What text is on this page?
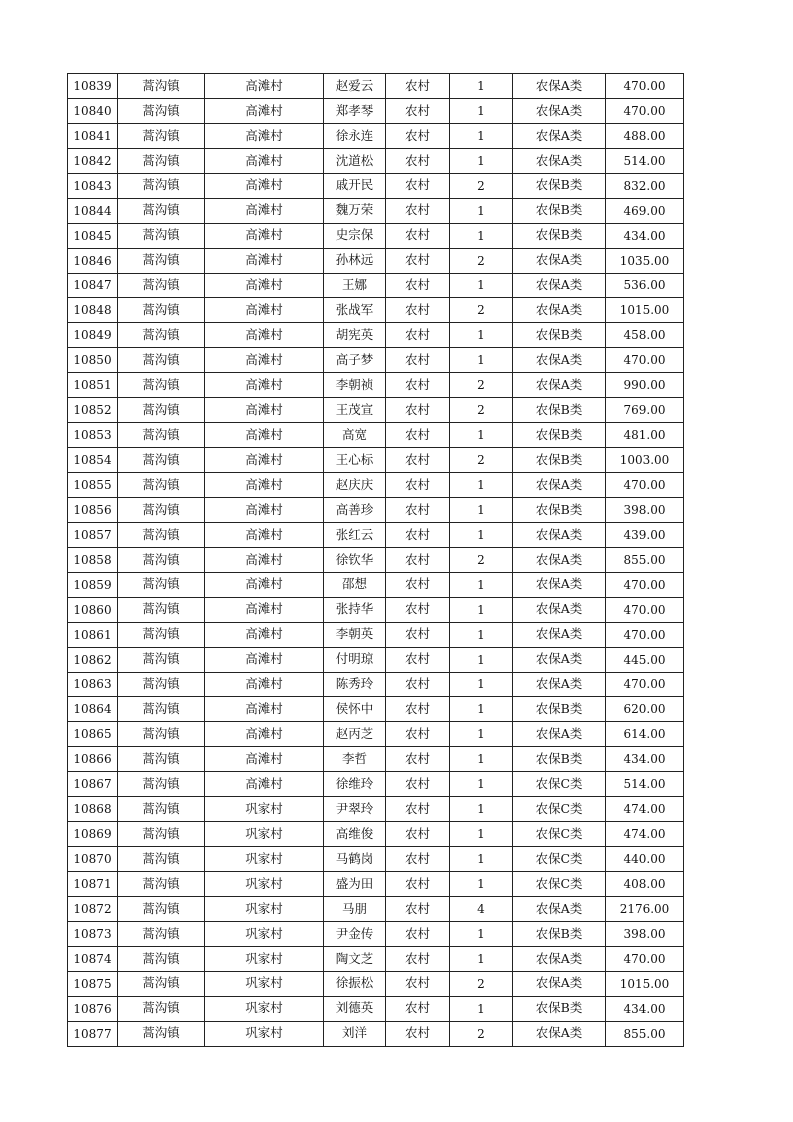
10839	蒿沟镇	高滩村	赵爱云	农村	1	农保A类	470.00
10840	蒿沟镇	高滩村	郑孝琴	农村	1	农保A类	470.00
10841	蒿沟镇	高滩村	徐永连	农村	1	农保A类	488.00
10842	蒿沟镇	高滩村	沈道松	农村	1	农保A类	514.00
10843	蒿沟镇	高滩村	戚开民	农村	2	农保B类	832.00
10844	蒿沟镇	高滩村	魏万荣	农村	1	农保B类	469.00
10845	蒿沟镇	高滩村	史宗保	农村	1	农保B类	434.00
10846	蒿沟镇	高滩村	孙林远	农村	2	农保A类	1035.00
10847	蒿沟镇	高滩村	王娜	农村	1	农保A类	536.00
10848	蒿沟镇	高滩村	张战军	农村	2	农保A类	1015.00
10849	蒿沟镇	高滩村	胡宪英	农村	1	农保B类	458.00
10850	蒿沟镇	高滩村	高子梦	农村	1	农保A类	470.00
10851	蒿沟镇	高滩村	李朝祯	农村	2	农保A类	990.00
10852	蒿沟镇	高滩村	王茂宣	农村	2	农保B类	769.00
10853	蒿沟镇	高滩村	高宽	农村	1	农保B类	481.00
10854	蒿沟镇	高滩村	王心标	农村	2	农保B类	1003.00
10855	蒿沟镇	高滩村	赵庆庆	农村	1	农保A类	470.00
10856	蒿沟镇	高滩村	高善珍	农村	1	农保B类	398.00
10857	蒿沟镇	高滩村	张红云	农村	1	农保A类	439.00
10858	蒿沟镇	高滩村	徐钦华	农村	2	农保A类	855.00
10859	蒿沟镇	高滩村	邵想	农村	1	农保A类	470.00
10860	蒿沟镇	高滩村	张持华	农村	1	农保A类	470.00
10861	蒿沟镇	高滩村	李朝英	农村	1	农保A类	470.00
10862	蒿沟镇	高滩村	付明琼	农村	1	农保A类	445.00
10863	蒿沟镇	高滩村	陈秀玲	农村	1	农保A类	470.00
10864	蒿沟镇	高滩村	侯怀中	农村	1	农保B类	620.00
10865	蒿沟镇	高滩村	赵丙芝	农村	1	农保A类	614.00
10866	蒿沟镇	高滩村	李哲	农村	1	农保B类	434.00
10867	蒿沟镇	高滩村	徐维玲	农村	1	农保C类	514.00
10868	蒿沟镇	巩家村	尹翠玲	农村	1	农保C类	474.00
10869	蒿沟镇	巩家村	高维俊	农村	1	农保C类	474.00
10870	蒿沟镇	巩家村	马鹤岗	农村	1	农保C类	440.00
10871	蒿沟镇	巩家村	盛为田	农村	1	农保C类	408.00
10872	蒿沟镇	巩家村	马朋	农村	4	农保A类	2176.00
10873	蒿沟镇	巩家村	尹金传	农村	1	农保B类	398.00
10874	蒿沟镇	巩家村	陶文芝	农村	1	农保A类	470.00
10875	蒿沟镇	巩家村	徐振松	农村	2	农保A类	1015.00
10876	蒿沟镇	巩家村	刘德英	农村	1	农保B类	434.00
10877	蒿沟镇	巩家村	刘洋	农村	2	农保A类	855.00
